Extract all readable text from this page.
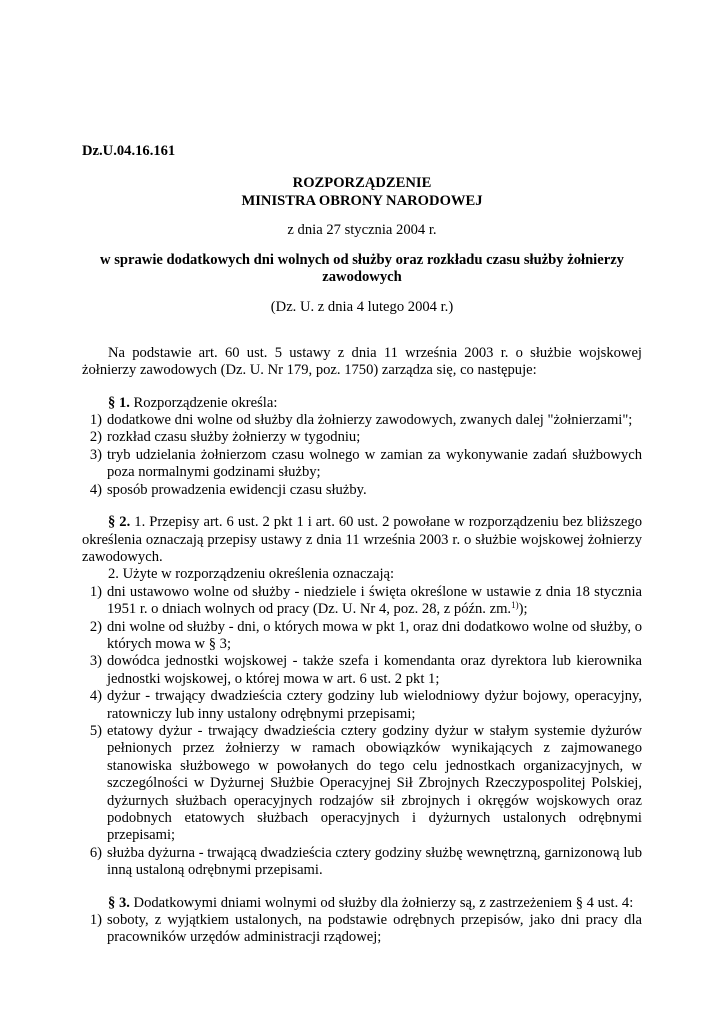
Dz.U.04.16.161

ROZPORZĄDZENIE

MINISTRA OBRONY NARODOWEJ

z dnia 27 stycznia 2004 r.

w sprawie dodatkowych dni wolnych od służby oraz rozkładu czasu służby żołnierzy zawodowych

(Dz. U. z dnia 4 lutego 2004 r.)

Na podstawie art. 60 ust. 5 ustawy z dnia 11 września 2003 r. o służbie wojskowej żołnierzy zawodowych (Dz. U. Nr 179, poz. 1750) zarządza się, co następuje:

§ 1. Rozporządzenie określa:

1) dodatkowe dni wolne od służby dla żołnierzy zawodowych, zwanych dalej "żołnierzami";
2) rozkład czasu służby żołnierzy w tygodniu;
3) tryb udzielania żołnierzom czasu wolnego w zamian za wykonywanie zadań służbowych poza normalnymi godzinami służby;
4) sposób prowadzenia ewidencji czasu służby.

§ 2. 1. Przepisy art. 6 ust. 2 pkt 1 i art. 60 ust. 2 powołane w rozporządzeniu bez bliższego określenia oznaczają przepisy ustawy z dnia 11 września 2003 r. o służbie wojskowej żołnierzy zawodowych.

2. Użyte w rozporządzeniu określenia oznaczają:

1) dni ustawowo wolne od służby - niedziele i święta określone w ustawie z dnia 18 stycznia 1951 r. o dniach wolnych od pracy (Dz. U. Nr 4, poz. 28, z późn. zm.$^{1)}$);
2) dni wolne od służby - dni, o których mowa w pkt 1, oraz dni dodatkowo wolne od służby, o których mowa w § 3;
3) dowódca jednostki wojskowej - także szefa i komendanta oraz dyrektora lub kierownika jednostki wojskowej, o której mowa w art. 6 ust. 2 pkt 1;
4) dyżur - trwający dwadzieścia cztery godziny lub wielodniowy dyżur bojowy, operacyjny, ratowniczy lub inny ustalony odrębnymi przepisami;
5) etatowy dyżur - trwający dwadzieścia cztery godziny dyżur w stałym systemie dyżurów pełnionych przez żołnierzy w ramach obowiązków wynikających z zajmowanego stanowiska służbowego w powołanych do tego celu jednostkach organizacyjnych, w szczególności w Dyżurnej Służbie Operacyjnej Sił Zbrojnych Rzeczypospolitej Polskiej, dyżurnych służbach operacyjnych rodzajów sił zbrojnych i okręgów wojskowych oraz podobnych etatowych służbach operacyjnych i dyżurnych ustalonych odrębnymi przepisami;
6) służba dyżurna - trwającą dwadzieścia cztery godziny służbę wewnętrzną, garnizonową lub inną ustaloną odrębnymi przepisami.

§ 3. Dodatkowymi dniami wolnymi od służby dla żołnierzy są, z zastrzeżeniem § 4 ust. 4:

1) soboty, z wyjątkiem ustalonych, na podstawie odrębnych przepisów, jako dni pracy dla pracowników urzędów administracji rządowej;
